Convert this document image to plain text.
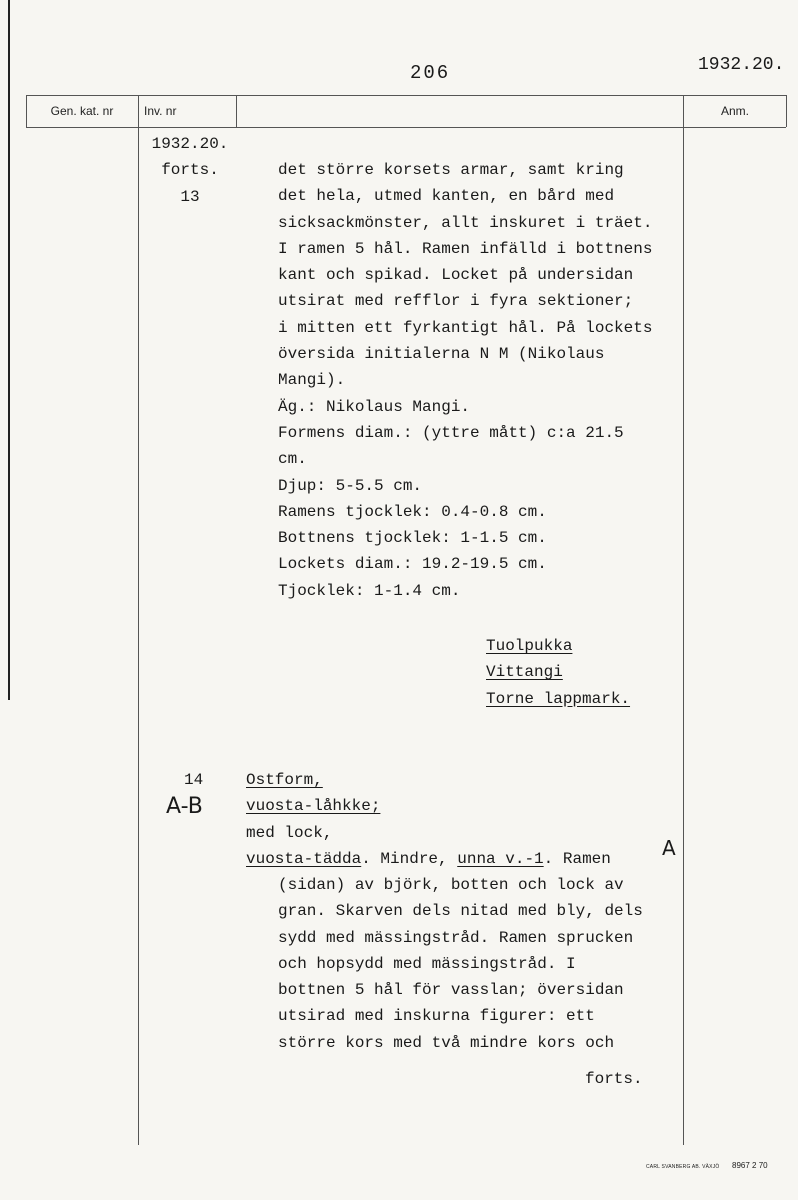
206	1932.20.
Gen. kat. nr	Inv. nr	Anm.
1932.20.
forts.
13
det större korsets armar, samt kring
det hela, utmed kanten, en bård med
sicksackmönster, allt inskuret i träet.
I ramen 5 hål. Ramen infälld i bottnens
kant och spikad. Locket på undersidan
utsirat med refflor i fyra sektioner;
i mitten ett fyrkantigt hål. På lockets
översida initialerna N M (Nikolaus
Mangi).
Äg.: Nikolaus Mangi.
Formens diam.: (yttre mått) c:a 21.5
cm.
Djup: 5-5.5 cm.
Ramens tjocklek: 0.4-0.8 cm.
Bottnens tjocklek: 1-1.5 cm.
Lockets diam.: 19.2-19.5 cm.
Tjocklek: 1-1.4 cm.
Tuolpukka
Vittangi
Torne lappmark.
14
A-B
Ostform,
vuosta-låhkke;
med lock,
vuosta-tädda. Mindre, unna v.-1. Ramen	A
(sidan) av björk, botten och lock av
gran. Skarven dels nitad med bly, dels
sydd med mässingstråd. Ramen sprucken
och hopsydd med mässingstråd. I
bottnen 5 hål för vasslan; översidan
utsirad med inskurna figurer: ett
större kors med två mindre kors och
forts.
CARL SVANBERG AB. VÄXJÖ 8967 2 70
